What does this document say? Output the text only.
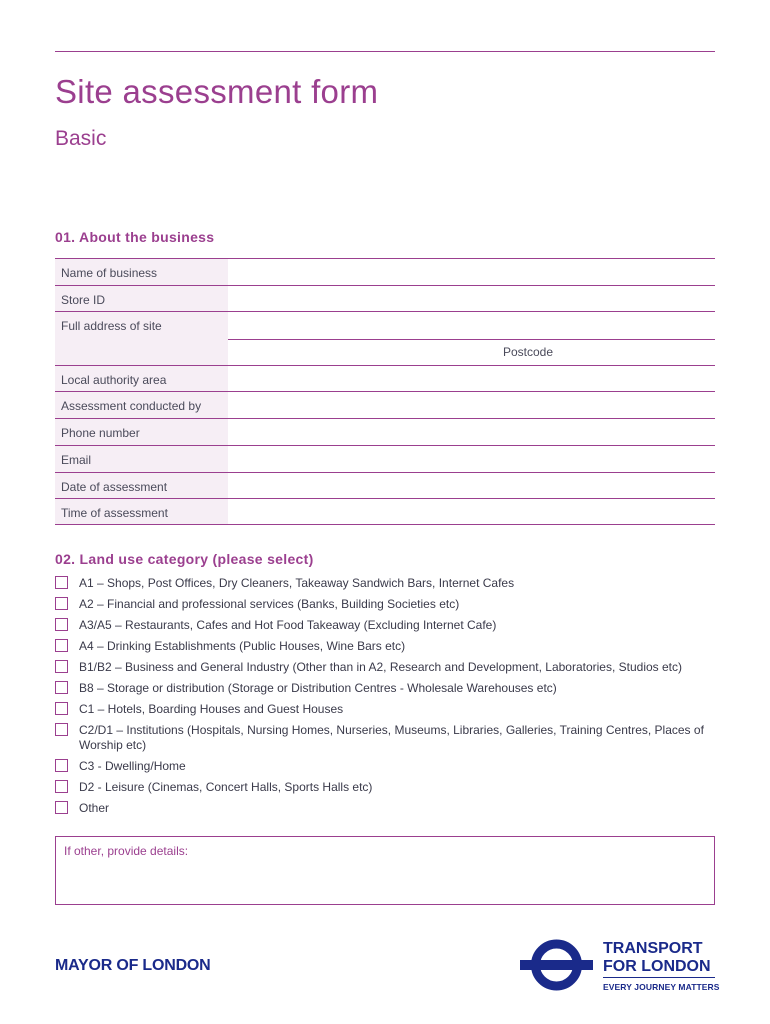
Site assessment form
Basic
01. About the business
Name of business
Store ID
Full address of site
Postcode
Local authority area
Assessment conducted by
Phone number
Email
Date of assessment
Time of assessment
02. Land use category (please select)
A1 – Shops, Post Offices, Dry Cleaners, Takeaway Sandwich Bars, Internet Cafes
A2 – Financial and professional services (Banks, Building Societies etc)
A3/A5 – Restaurants, Cafes and Hot Food Takeaway (Excluding Internet Cafe)
A4 – Drinking Establishments (Public Houses, Wine Bars etc)
B1/B2 – Business and General Industry (Other than in A2, Research and Development, Laboratories, Studios etc)
B8 – Storage or distribution (Storage or Distribution Centres - Wholesale Warehouses etc)
C1 – Hotels, Boarding Houses and Guest Houses
C2/D1 – Institutions (Hospitals, Nursing Homes, Nurseries, Museums, Libraries, Galleries, Training Centres, Places of Worship etc)
C3 - Dwelling/Home
D2 - Leisure (Cinemas, Concert Halls, Sports Halls etc)
Other
If other, provide details:
MAYOR OF LONDON
TRANSPORT
FOR LONDON
EVERY JOURNEY MATTERS
